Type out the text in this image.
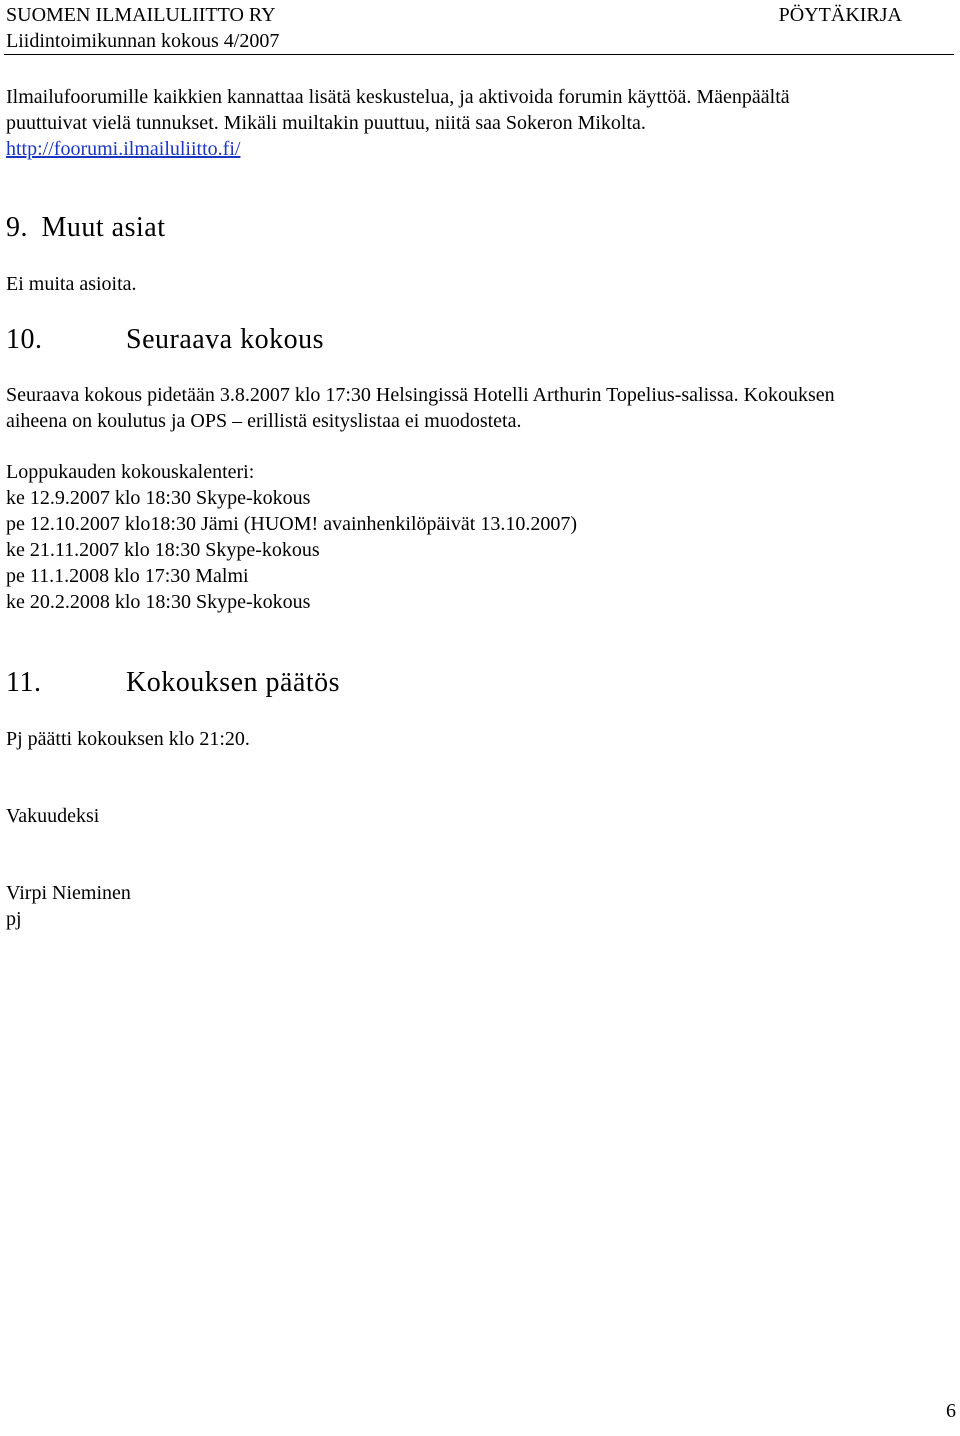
SUOMEN ILMAILULIITTO RY	PÖYTÄKIRJA
Liidintoimikunnan kokous 4/2007
Ilmailufoorumille kaikkien kannattaa lisätä keskustelua, ja aktivoida forumin käyttöä. Mäenpäältä
puuttuivat vielä tunnukset. Mikäli muiltakin puuttuu, niitä saa Sokeron Mikolta.
http://foorumi.ilmailuliitto.fi/
9. Muut asiat
Ei muita asioita.
10.	Seuraava kokous
Seuraava kokous pidetään 3.8.2007 klo 17:30 Helsingissä Hotelli Arthurin Topelius-salissa. Kokouksen
aiheena on koulutus ja OPS – erillistä esityslistaa ei muodosteta.
Loppukauden kokouskalenteri:
ke 12.9.2007 klo 18:30 Skype-kokous
pe 12.10.2007 klo18:30 Jämi (HUOM! avainhenkilöpäivät 13.10.2007)
ke 21.11.2007 klo 18:30 Skype-kokous
pe 11.1.2008 klo 17:30 Malmi
ke 20.2.2008 klo 18:30 Skype-kokous
11.	Kokouksen päätös
Pj päätti kokouksen klo 21:20.
Vakuudeksi
Virpi Nieminen
pj
6
